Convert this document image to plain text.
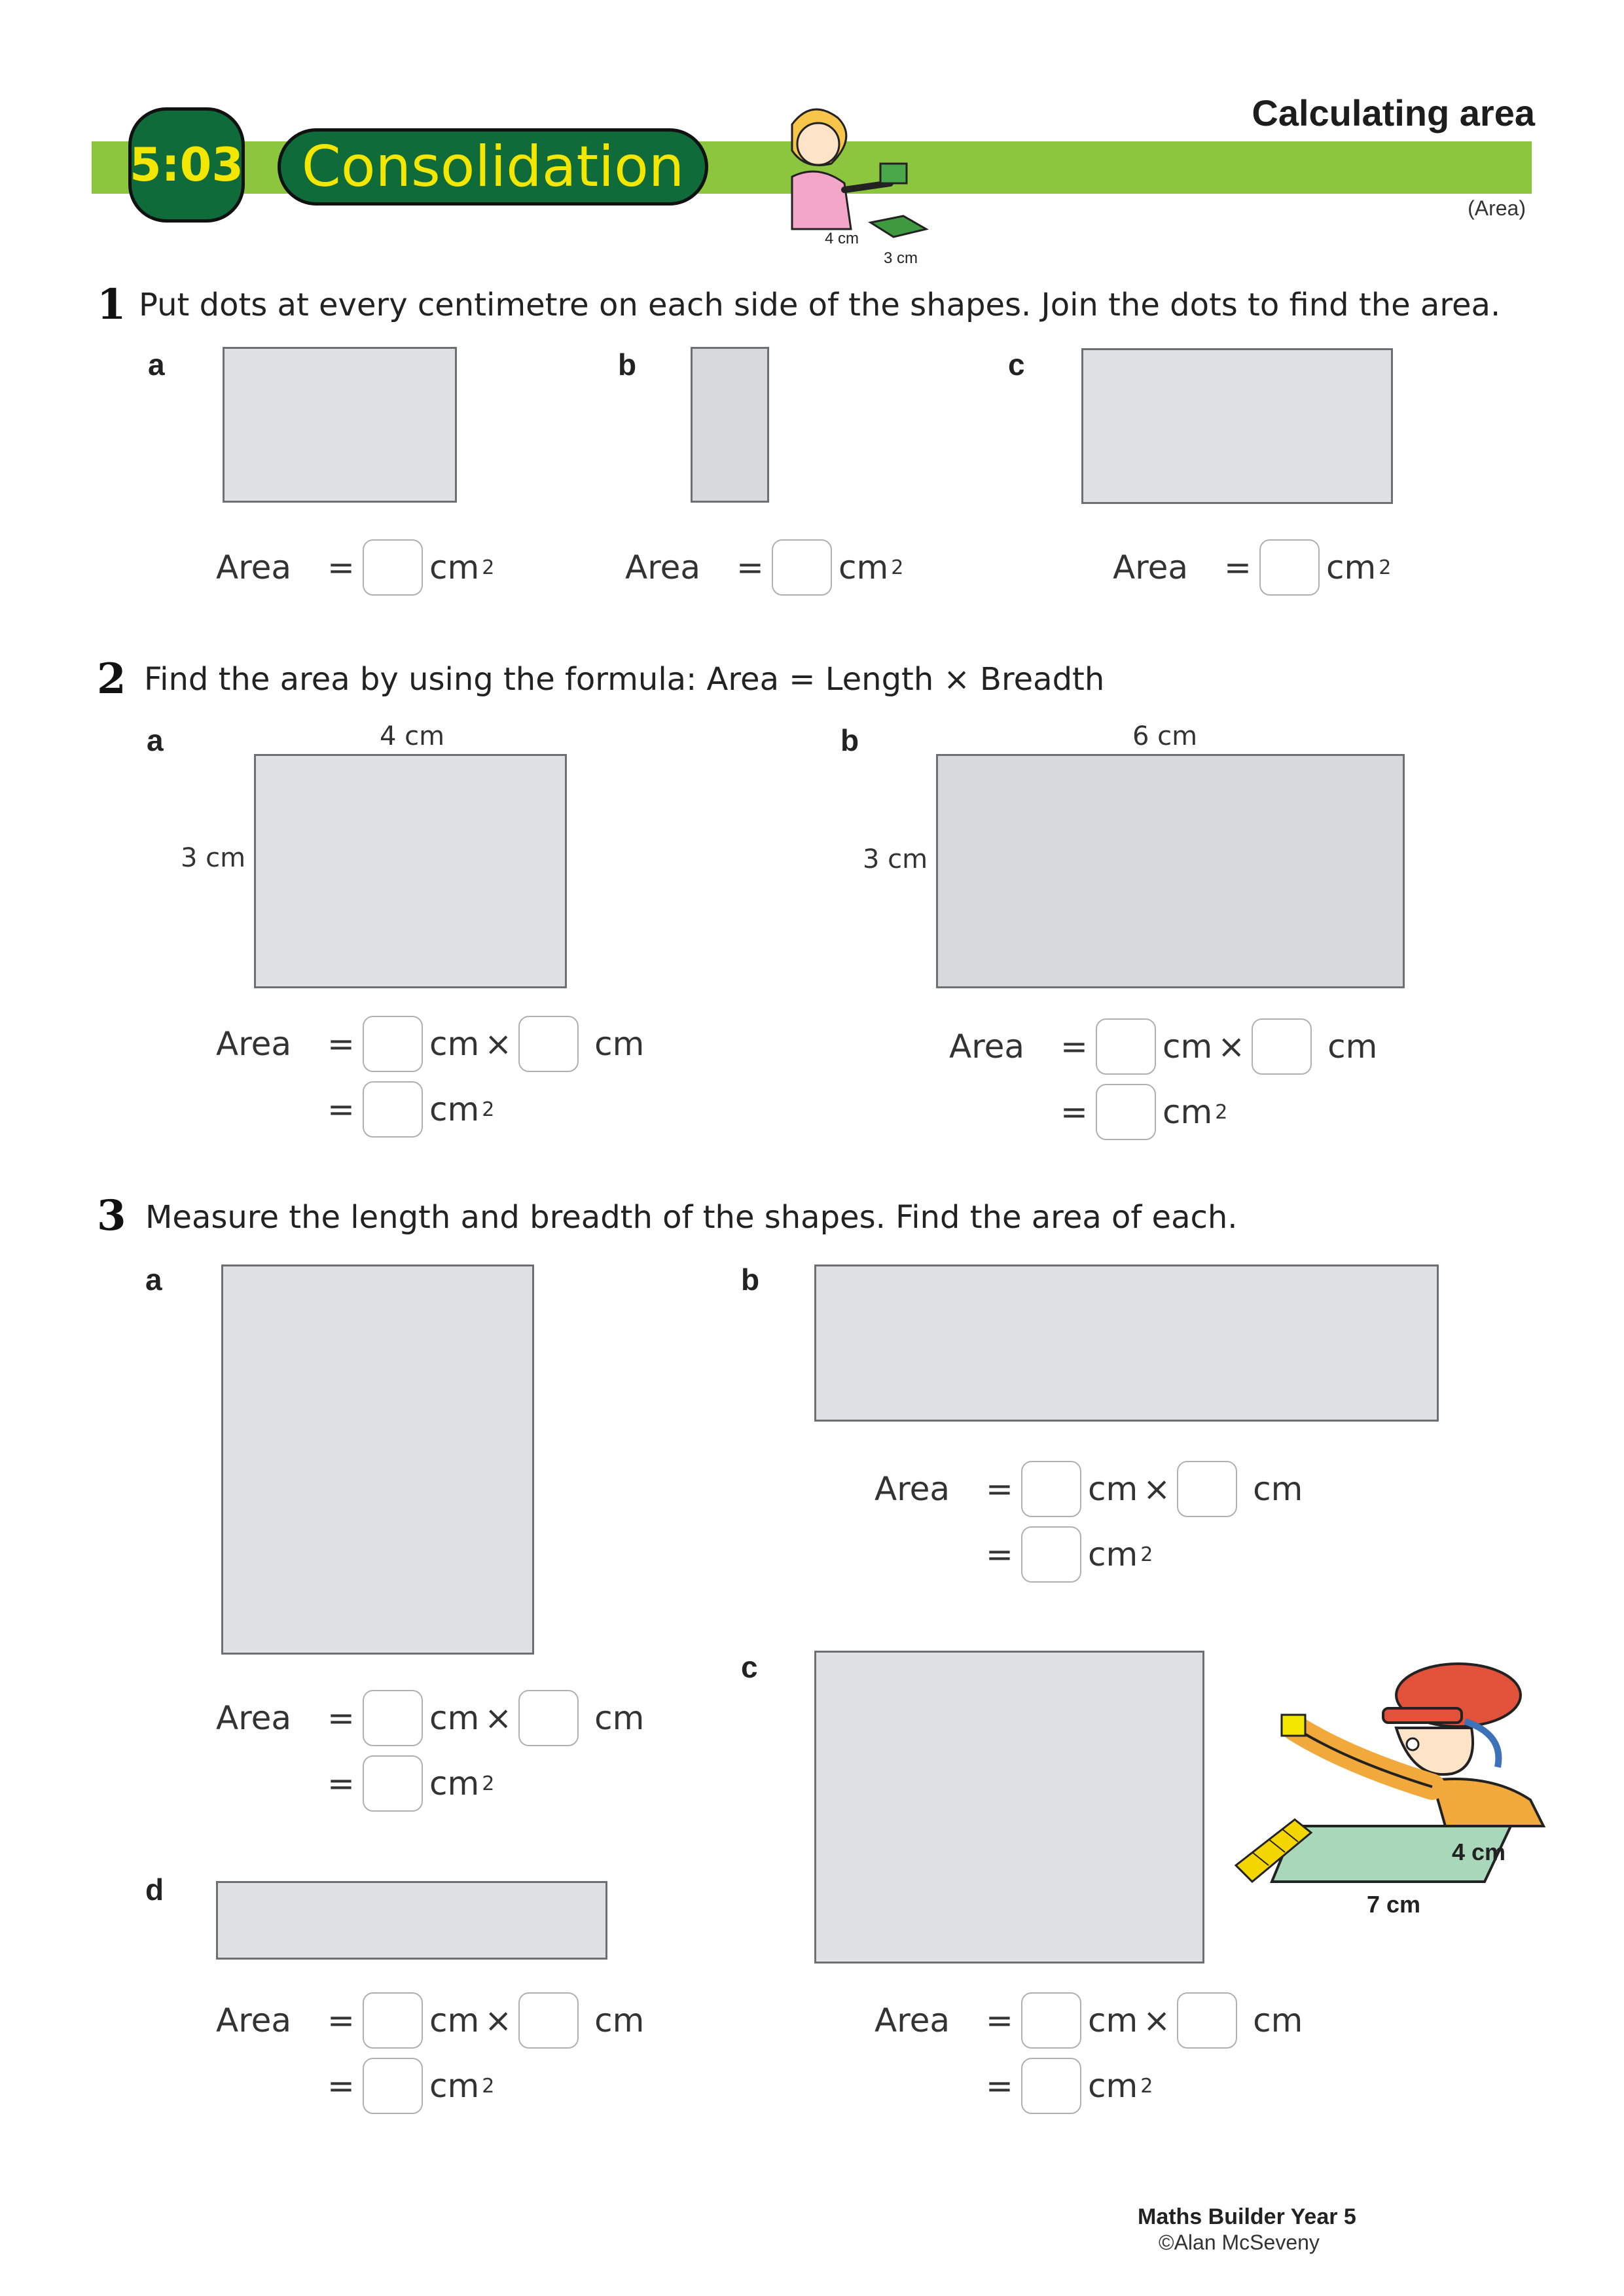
Calculating area
5:03	Consolidation
(Area)
4 cm
3 cm
1 Put dots at every centimetre on each side of the shapes. Join the dots to find the area.
a	b	c
Area	= cm 2	Area	= cm 2	Area	= cm 2
2 Find the area by using the formula: Area = Length × Breadth
a	4 cm
3 cm
b	6 cm
3 cm
Area	= cm ×	cm
= cm 2
Area	= cm ×	cm
= cm 2
3 Measure the length and breadth of the shapes. Find the area of each.
a	b
Area	= cm ×	cm
= cm 2
Area	= cm ×	cm
= cm 2
c
7 cm
4 cm
d
Area	= cm ×	cm
= cm 2
Area	= cm ×	cm
= cm 2
Maths Builder Year 5
©Alan McSeveny
